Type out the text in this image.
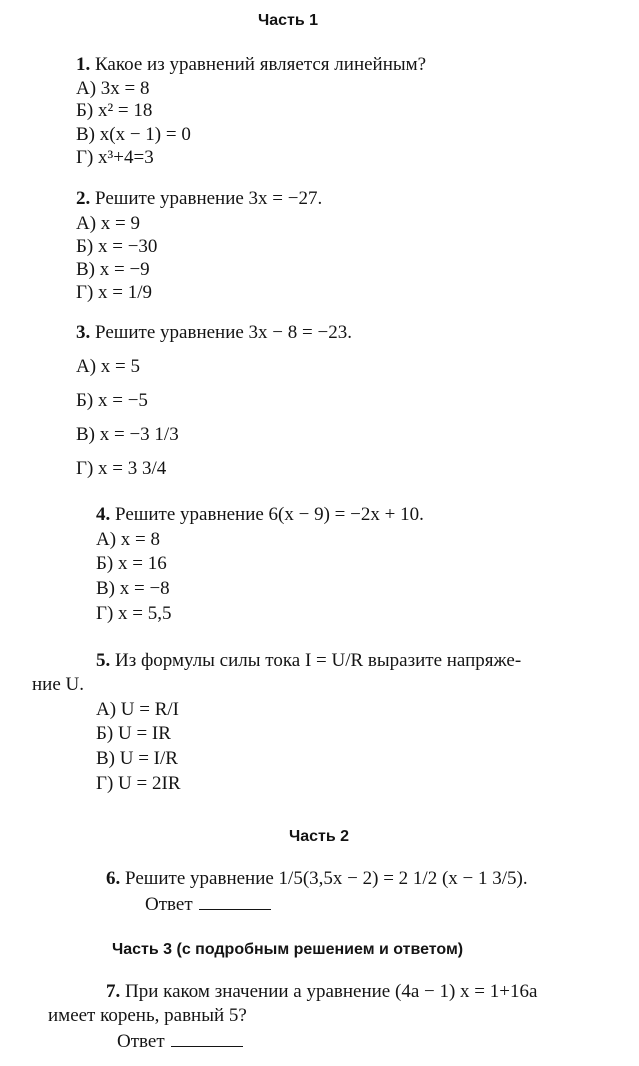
Часть 1
1. Какое из уравнений является линейным?
А) 3x = 8
Б) x² = 18
В) x(x − 1) = 0
Г) x³+4=3
2. Решите уравнение 3x = −27.
А) x = 9
Б) x = −30
В) x = −9
Г) x = 1/9
3. Решите уравнение 3x − 8 = −23.
А) x = 5
Б) x = −5
В) x = −3 1/3
Г) x = 3 3/4
4. Решите уравнение 6(x − 9) = −2x + 10.
А) x = 8
Б) x = 16
В) x = −8
Г) x = 5,5
5. Из формулы силы тока I = U/R выразите напряже-
ние U.
А) U = R/I
Б) U = IR
В) U = I/R
Г) U = 2IR
Часть 2
6. Решите уравнение 1/5(3,5x − 2) = 2 1/2 (x − 1 3/5).
Ответ
Часть 3 (с подробным решением и ответом)
7. При каком значении a уравнение (4a − 1) x = 1+16a
имеет корень, равный 5?
Ответ
